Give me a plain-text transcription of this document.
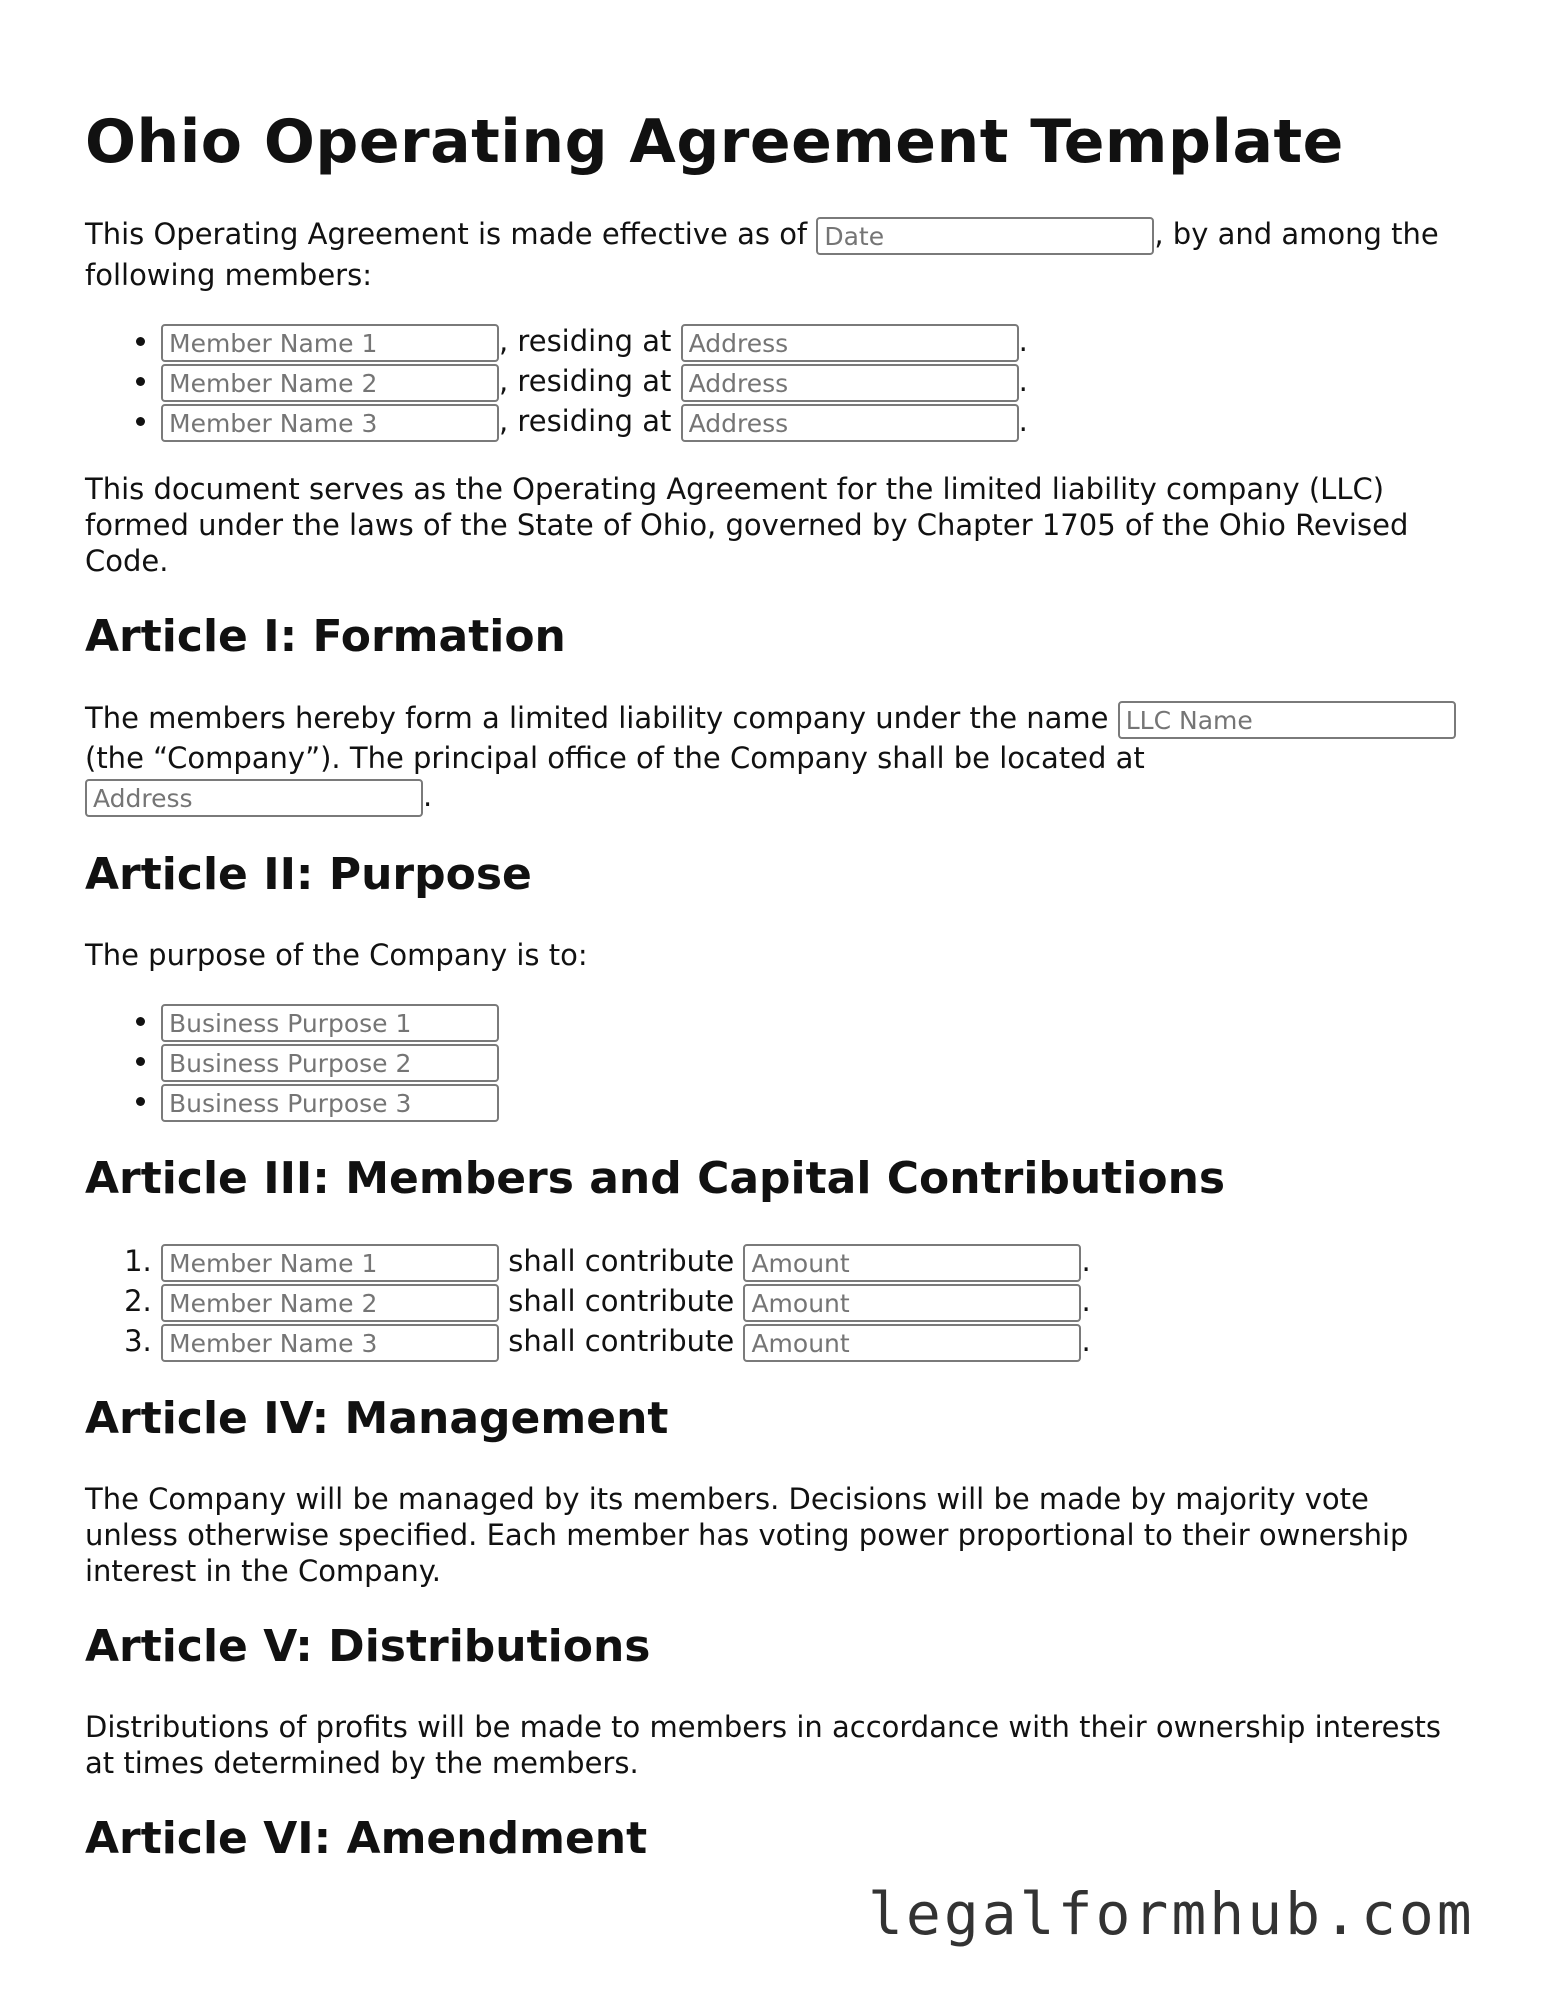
Ohio Operating Agreement Template

This Operating Agreement is made effective as of Date	, by and among the following members:

Member Name 1 • , residing at Address	.
Member Name 2 • , residing at Address	.
Member Name 3 • , residing at Address	.

This document serves as the Operating Agreement for the limited liability company (LLC) formed under the laws of the State of Ohio, governed by Chapter 1705 of the Ohio Revised Code.

Article I: Formation

The members hereby form a limited liability company under the name LLC Name (the “Company”). The principal office of the Company shall be located at Address.

Article II: Purpose

The purpose of the Company is to:

• Business Purpose 1
• Business Purpose 2
• Business Purpose 3
Article III: Members and Capital Contributions
Member Name 1 1. shall contribute Amount	.
Member Name 2 2. shall contribute Amount	.
Member Name 3 3. shall contribute Amount	.
Article IV: Management

The Company will be managed by its members. Decisions will be made by majority vote unless otherwise specified. Each member has voting power proportional to their ownership interest in the Company.

Article V: Distributions

Distributions of profits will be made to members in accordance with their ownership interests at times determined by the members.

Article VI: Amendment
legalformhub.com
